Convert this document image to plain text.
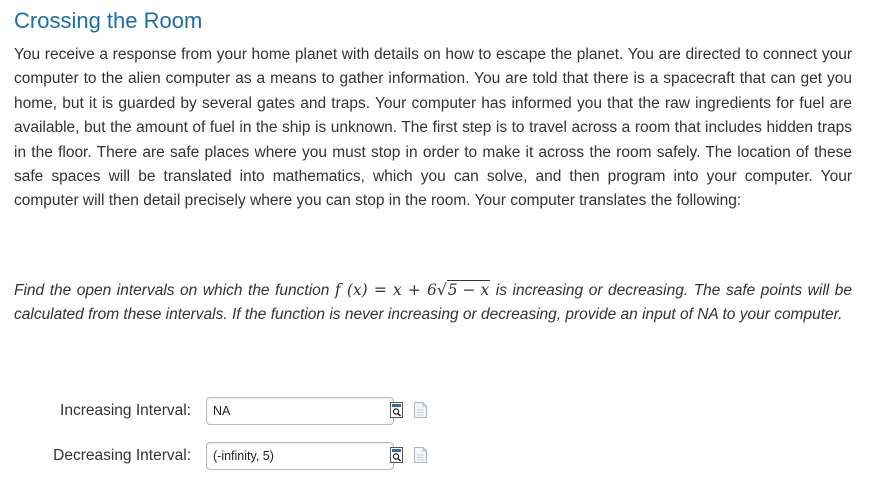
Crossing the Room

You receive a response from your home planet with details on how to escape the planet. You are directed to connect your computer to the alien computer as a means to gather information. You are told that there is a spacecraft that can get you home, but it is guarded by several gates and traps. Your computer has informed you that the raw ingredients for fuel are available, but the amount of fuel in the ship is unknown. The first step is to travel across a room that includes hidden traps in the floor. There are safe places where you must stop in order to make it across the room safely. The location of these safe spaces will be translated into mathematics, which you can solve, and then program into your computer. Your computer will then detail precisely where you can stop in the room. Your computer translates the following:

Find the open intervals on which the function f (x) = x + 6√5 − x is increasing or decreasing. The safe points will be calculated from these intervals. If the function is never increasing or decreasing, provide an input of NA to your computer.

Increasing Interval:
NA
Decreasing Interval:
(-infinity, 5)
